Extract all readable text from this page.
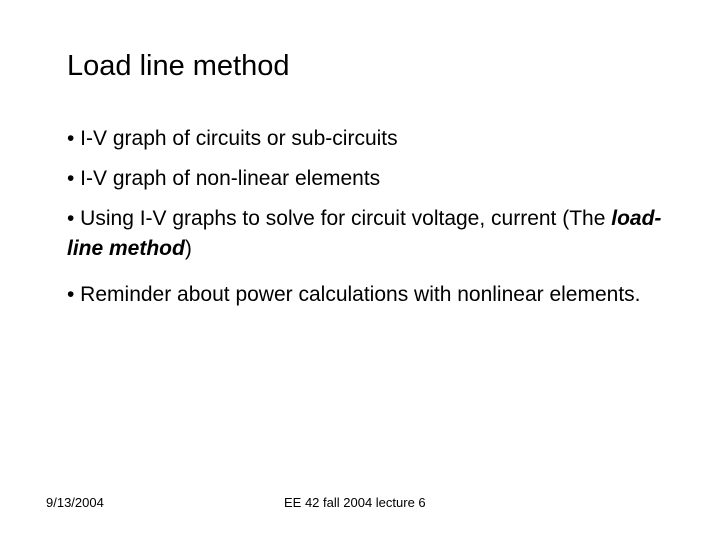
Load line method
• I-V graph of circuits or sub-circuits
• I-V graph of non-linear elements
• Using I-V graphs to solve for circuit voltage, current (The load-line method)
• Reminder about power calculations with nonlinear elements.
9/13/2004	EE 42 fall 2004 lecture 6
